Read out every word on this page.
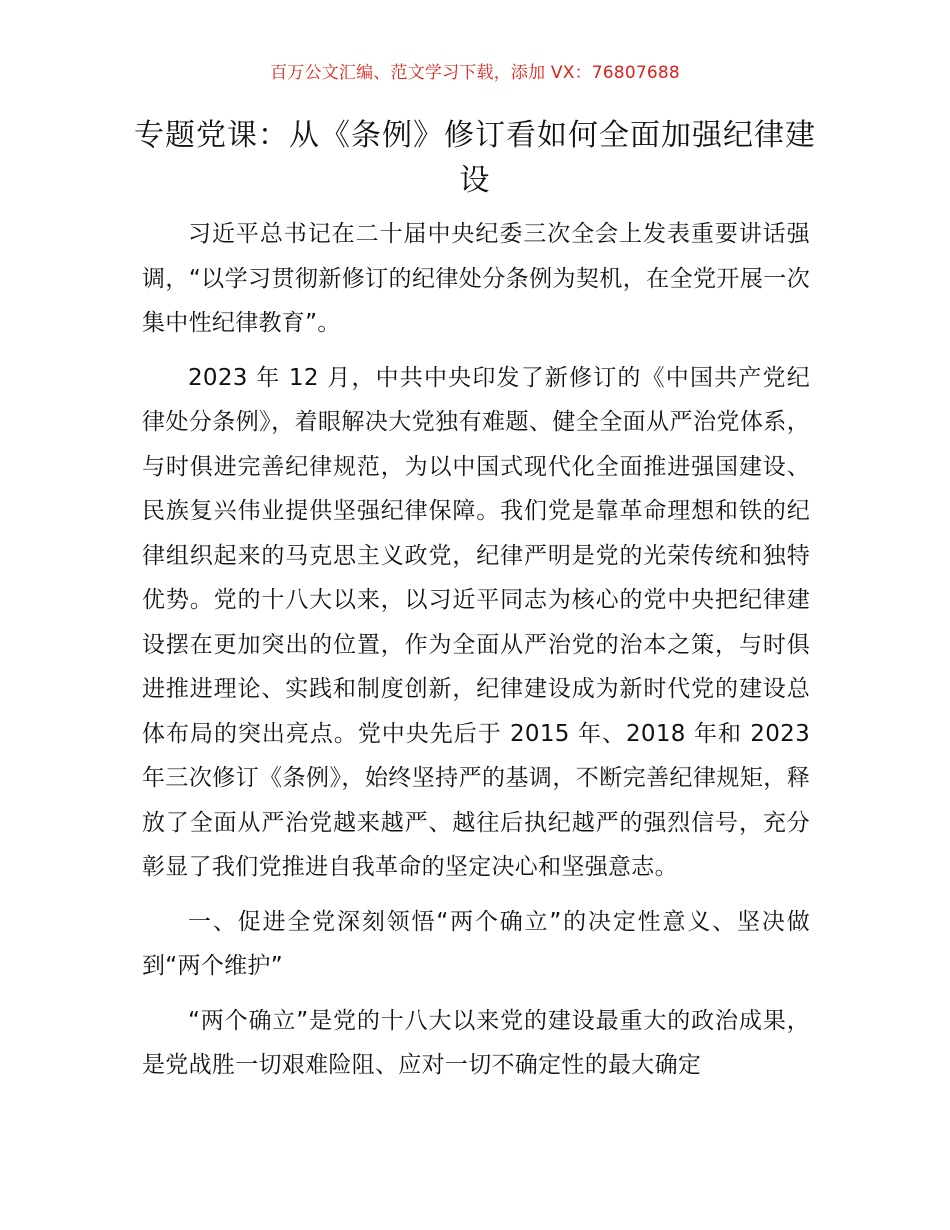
百万公文汇编、范文学习下载，添加 VX：76807688
专题党课：从《条例》修订看如何全面加强纪律建设

习近平总书记在二十届中央纪委三次全会上发表重要讲话强调，“以学习贯彻新修订的纪律处分条例为契机，在全党开展一次集中性纪律教育”。

2023 年 12 月，中共中央印发了新修订的《中国共产党纪律处分条例》，着眼解决大党独有难题、健全全面从严治党体系，与时俱进完善纪律规范，为以中国式现代化全面推进强国建设、民族复兴伟业提供坚强纪律保障。我们党是靠革命理想和铁的纪律组织起来的马克思主义政党，纪律严明是党的光荣传统和独特优势。党的十八大以来，以习近平同志为核心的党中央把纪律建设摆在更加突出的位置，作为全面从严治党的治本之策，与时俱进推进理论、实践和制度创新，纪律建设成为新时代党的建设总体布局的突出亮点。党中央先后于 2015 年、2018 年和 2023 年三次修订《条例》，始终坚持严的基调，不断完善纪律规矩，释放了全面从严治党越来越严、越往后执纪越严的强烈信号，充分彰显了我们党推进自我革命的坚定决心和坚强意志。

一、促进全党深刻领悟“两个确立”的决定性意义、坚决做到“两个维护”

“两个确立”是党的十八大以来党的建设最重大的政治成果，是党战胜一切艰难险阻、应对一切不确定性的最大确定
